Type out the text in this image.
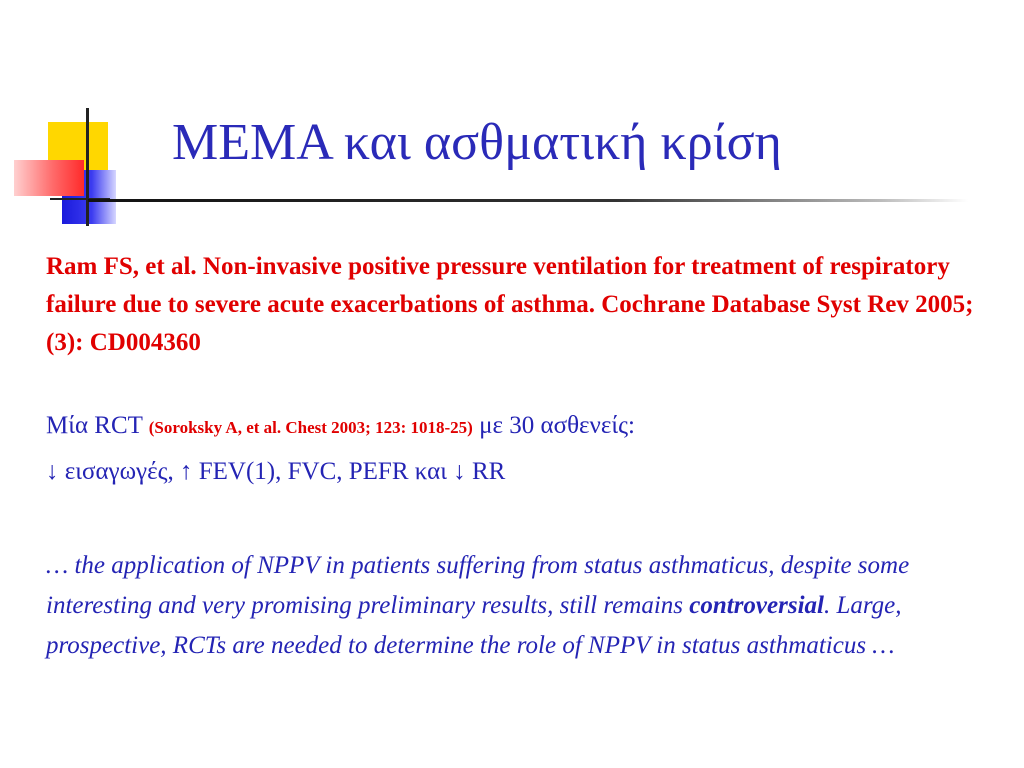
ΜΕΜΑ και ασθματική κρίση

Ram FS, et al. Non-invasive positive pressure ventilation for treatment of respiratory failure due to severe acute exacerbations of asthma. Cochrane Database Syst Rev 2005; (3): CD004360

Μία RCT (Soroksky A, et al. Chest 2003; 123: 1018-25) με 30 ασθενείς:

↓ εισαγωγές, ↑ FEV(1), FVC, PEFR και ↓ RR

… the application of NPPV in patients suffering from status asthmaticus, despite some interesting and very promising preliminary results, still remains controversial. Large, prospective, RCTs are needed to determine the role of NPPV in status asthmaticus …
